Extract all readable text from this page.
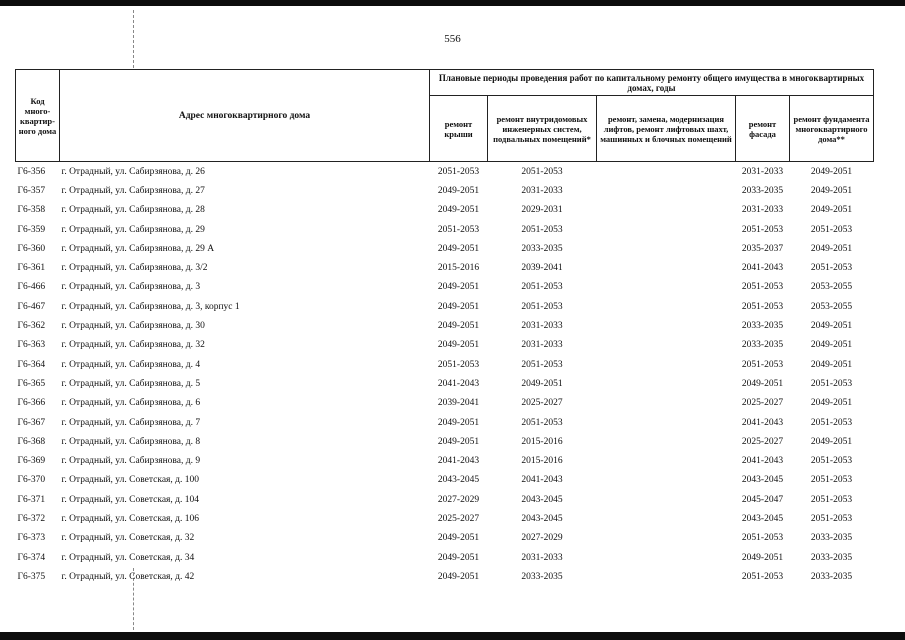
556
Код много-квартир-ного дома	Адрес многоквартирного дома	Плановые периоды проведения работ по капитальному ремонту общего имущества в многоквартирных домах, годы				
		ремонт крыши	ремонт внутридомовых инженерных систем, подвальных помещений*	ремонт, замена, модернизация лифтов, ремонт лифтовых шахт, машинных и блочных помещений	ремонт фасада	ремонт фундамента многоквартирного дома**
Г6-356	г. Отрадный, ул. Сабирзянова, д. 26	2051-2053	2051-2053		2031-2033	2049-2051
Г6-357	г. Отрадный, ул. Сабирзянова, д. 27	2049-2051	2031-2033		2033-2035	2049-2051
Г6-358	г. Отрадный, ул. Сабирзянова, д. 28	2049-2051	2029-2031		2031-2033	2049-2051
Г6-359	г. Отрадный, ул. Сабирзянова, д. 29	2051-2053	2051-2053		2051-2053	2051-2053
Г6-360	г. Отрадный, ул. Сабирзянова, д. 29 А	2049-2051	2033-2035		2035-2037	2049-2051
Г6-361	г. Отрадный, ул. Сабирзянова, д. 3/2	2015-2016	2039-2041		2041-2043	2051-2053
Г6-466	г. Отрадный, ул. Сабирзянова, д. 3	2049-2051	2051-2053		2051-2053	2053-2055
Г6-467	г. Отрадный, ул. Сабирзянова, д. 3, корпус 1	2049-2051	2051-2053		2051-2053	2053-2055
Г6-362	г. Отрадный, ул. Сабирзянова, д. 30	2049-2051	2031-2033		2033-2035	2049-2051
Г6-363	г. Отрадный, ул. Сабирзянова, д. 32	2049-2051	2031-2033		2033-2035	2049-2051
Г6-364	г. Отрадный, ул. Сабирзянова, д. 4	2051-2053	2051-2053		2051-2053	2049-2051
Г6-365	г. Отрадный, ул. Сабирзянова, д. 5	2041-2043	2049-2051		2049-2051	2051-2053
Г6-366	г. Отрадный, ул. Сабирзянова, д. 6	2039-2041	2025-2027		2025-2027	2049-2051
Г6-367	г. Отрадный, ул. Сабирзянова, д. 7	2049-2051	2051-2053		2041-2043	2051-2053
Г6-368	г. Отрадный, ул. Сабирзянова, д. 8	2049-2051	2015-2016		2025-2027	2049-2051
Г6-369	г. Отрадный, ул. Сабирзянова, д. 9	2041-2043	2015-2016		2041-2043	2051-2053
Г6-370	г. Отрадный, ул. Советская, д. 100	2043-2045	2041-2043		2043-2045	2051-2053
Г6-371	г. Отрадный, ул. Советская, д. 104	2027-2029	2043-2045		2045-2047	2051-2053
Г6-372	г. Отрадный, ул. Советская, д. 106	2025-2027	2043-2045		2043-2045	2051-2053
Г6-373	г. Отрадный, ул. Советская, д. 32	2049-2051	2027-2029		2051-2053	2033-2035
Г6-374	г. Отрадный, ул. Советская, д. 34	2049-2051	2031-2033		2049-2051	2033-2035
Г6-375	г. Отрадный, ул. Советская, д. 42	2049-2051	2033-2035		2051-2053	2033-2035
